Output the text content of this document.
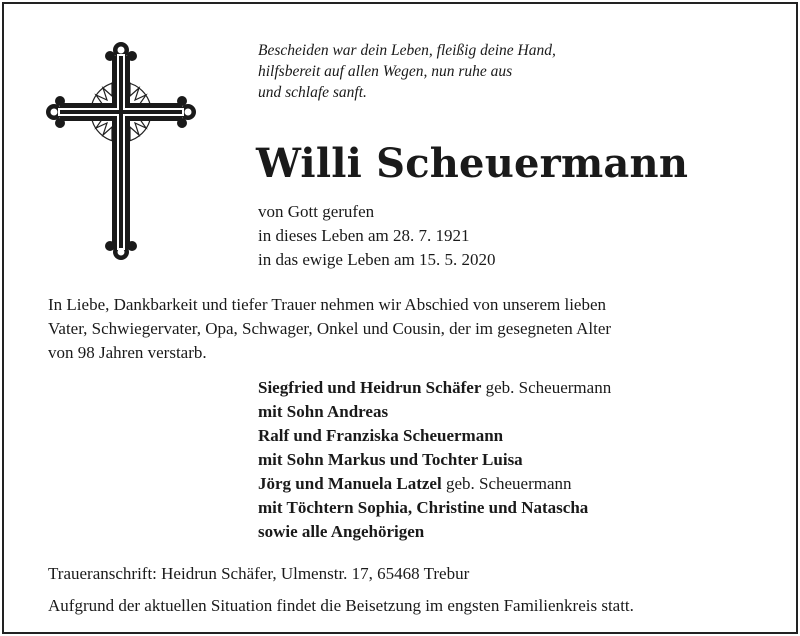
Bescheiden war dein Leben, fleißig deine Hand,
hilfsbereit auf allen Wegen, nun ruhe aus
und schlafe sanft.
Willi Scheuermann
von Gott gerufen
in dieses Leben am 28. 7. 1921
in das ewige Leben am 15. 5. 2020
In Liebe, Dankbarkeit und tiefer Trauer nehmen wir Abschied von unserem lieben
Vater, Schwiegervater, Opa, Schwager, Onkel und Cousin, der im gesegneten Alter
von 98 Jahren verstarb.
Siegfried und Heidrun Schäfer geb. Scheuermann
mit Sohn Andreas
Ralf und Franziska Scheuermann
mit Sohn Markus und Tochter Luisa
Jörg und Manuela Latzel geb. Scheuermann
mit Töchtern Sophia, Christine und Natascha
sowie alle Angehörigen
Traueranschrift: Heidrun Schäfer, Ulmenstr. 17, 65468 Trebur
Aufgrund der aktuellen Situation findet die Beisetzung im engsten Familienkreis statt.
